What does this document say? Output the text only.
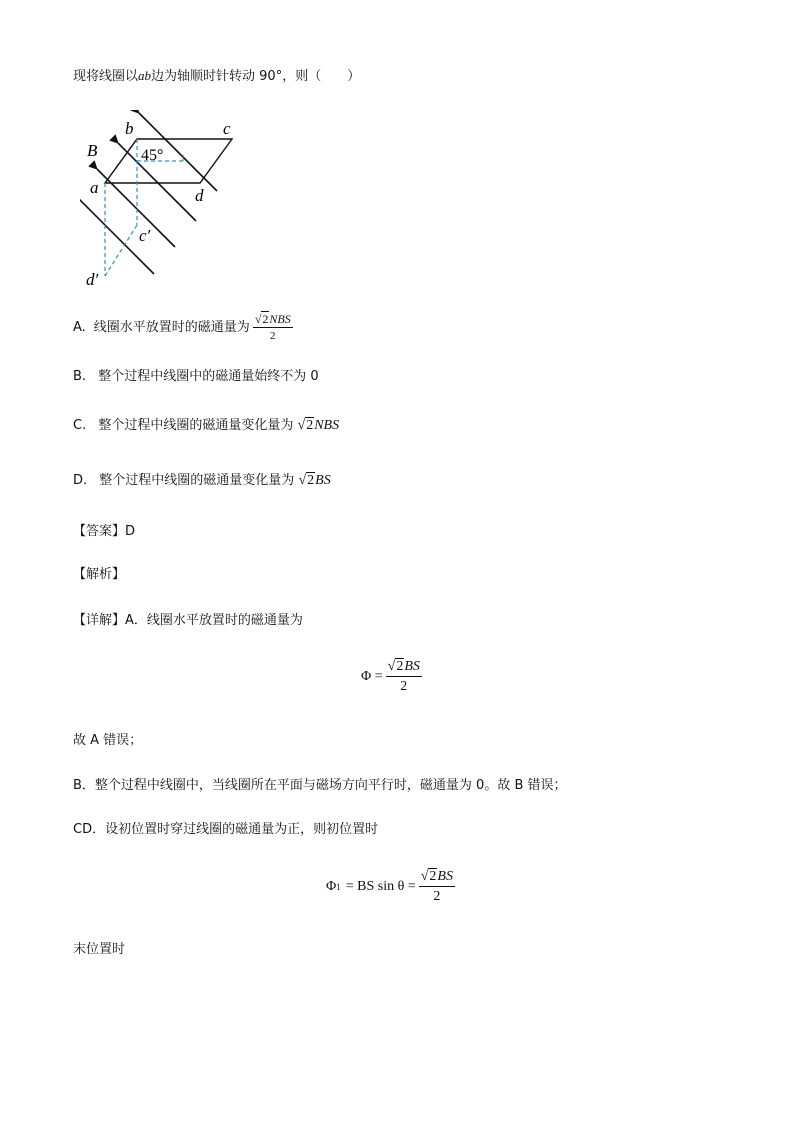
现将线圈以ab边为轴顺时针转动 90°，则（　　）
b	c
B	45°
a	d
c′
d′
A. 线圈水平放置时的磁通量为 $\frac{\text{√2NBS}}{2}$
B. 整个过程中线圈中的磁通量始终不为 0
C. 整个过程中线圈的磁通量变化量为 √2NBS
D. 整个过程中线圈的磁通量变化量为 √2BS
【答案】D
【解析】
【详解】A．线圈水平放置时的磁通量为
$\Phi = \frac{√2BS}{2}$
故 A 错误；
B．整个过程中线圈中，当线圈所在平面与磁场方向平行时，磁通量为 0。故 B 错误；
CD．设初位置时穿过线圈的磁通量为正，则初位置时
Φ 1 = BS $\sin \theta = \frac{√2BS}{2}$
末位置时
